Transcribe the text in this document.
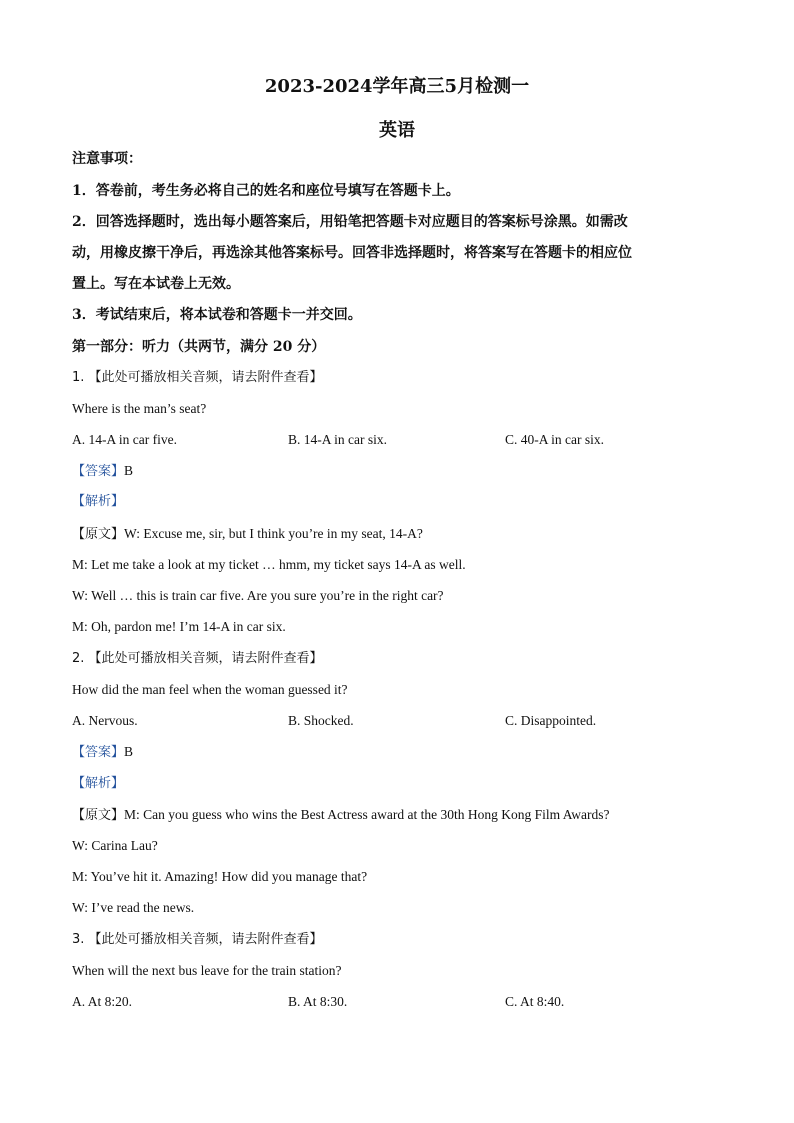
2023-2024学年高三5月检测一
英语
注意事项：
1．答卷前，考生务必将自己的姓名和座位号填写在答题卡上。
2．回答选择题时，选出每小题答案后，用铅笔把答题卡对应题目的答案标号涂黑。如需改
动，用橡皮擦干净后，再选涂其他答案标号。回答非选择题时，将答案写在答题卡的相应位
置上。写在本试卷上无效。
3．考试结束后，将本试卷和答题卡一并交回。
第一部分：听力（共两节，满分 20 分）
1. 【此处可播放相关音频，请去附件查看】
Where is the man’s seat?
A. 14-A in car five.	B. 14-A in car six.	C. 40-A in car six.
【答案】B
【解析】
【原文】W: Excuse me, sir, but I think you’re in my seat, 14-A?
M: Let me take a look at my ticket … hmm, my ticket says 14-A as well.
W: Well … this is train car five. Are you sure you’re in the right car?
M: Oh, pardon me! I’m 14-A in car six.
2. 【此处可播放相关音频，请去附件查看】
How did the man feel when the woman guessed it?
A. Nervous.	B. Shocked.	C. Disappointed.
【答案】B
【解析】
【原文】M: Can you guess who wins the Best Actress award at the 30th Hong Kong Film Awards?
W: Carina Lau?
M: You’ve hit it. Amazing! How did you manage that?
W: I’ve read the news.
3. 【此处可播放相关音频，请去附件查看】
When will the next bus leave for the train station?
A. At 8:20.	B. At 8:30.	C. At 8:40.
